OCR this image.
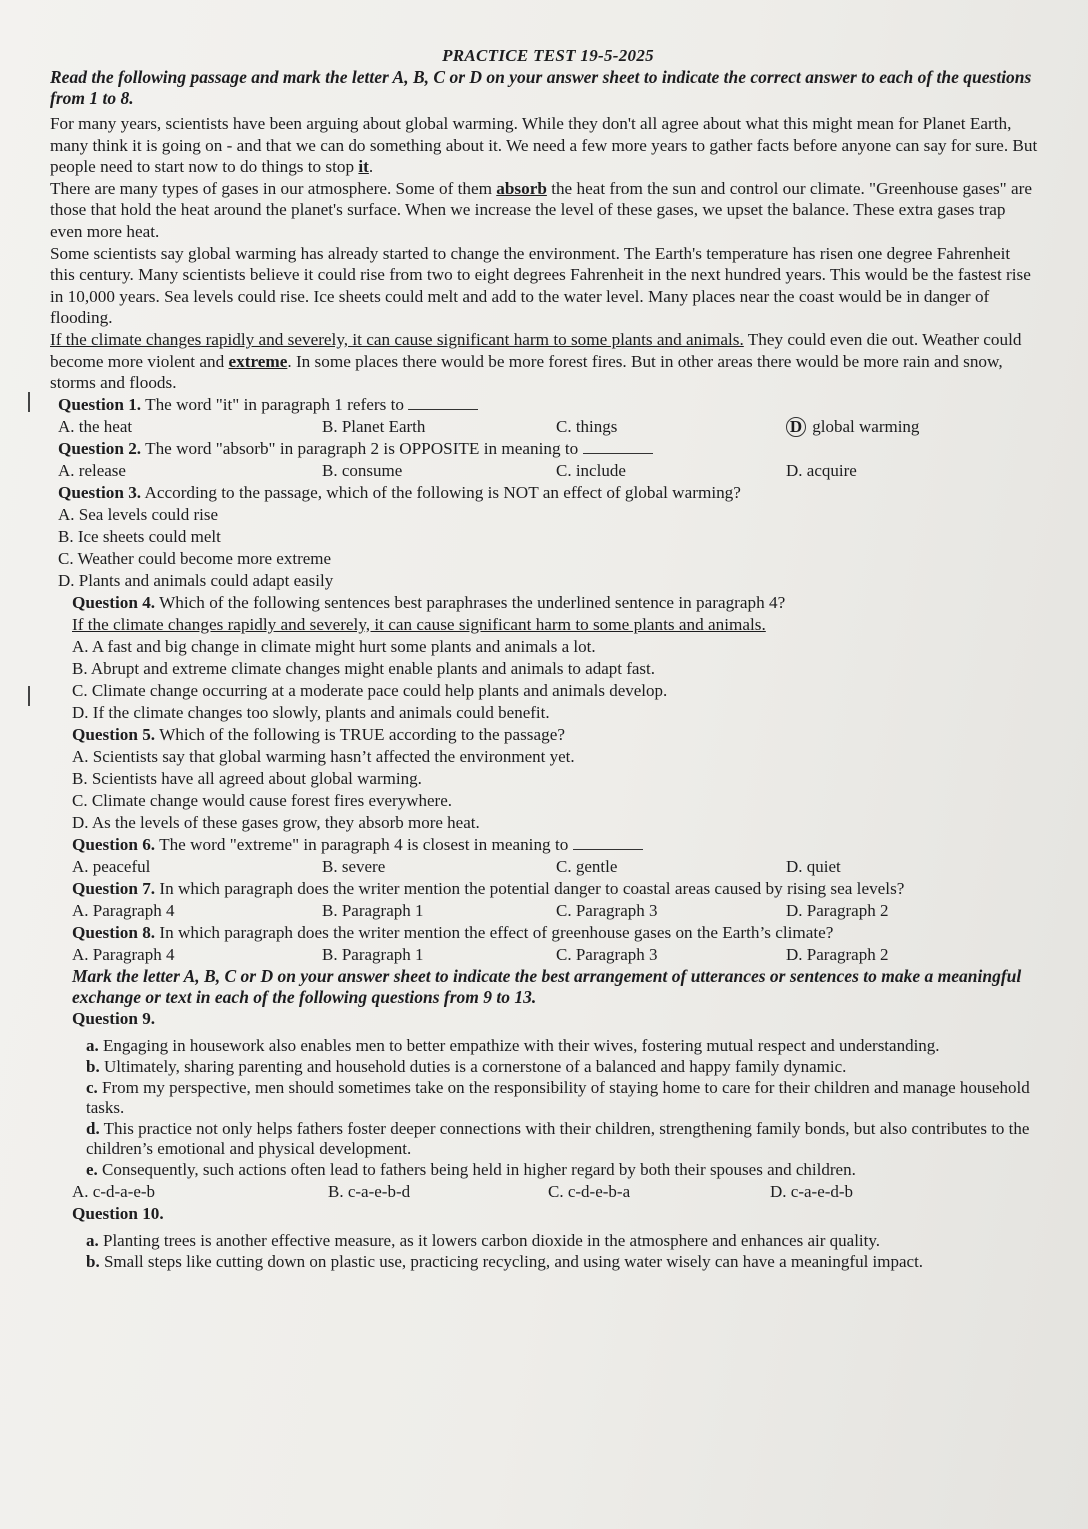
PRACTICE TEST 19-5-2025

Read the following passage and mark the letter A, B, C or D on your answer sheet to indicate the correct answer to each of the questions from 1 to 8.

For many years, scientists have been arguing about global warming. While they don't all agree about what this might mean for Planet Earth, many think it is going on - and that we can do something about it. We need a few more years to gather facts before anyone can say for sure. But people need to start now to do things to stop it.

There are many types of gases in our atmosphere. Some of them absorb the heat from the sun and control our climate. "Greenhouse gases" are those that hold the heat around the planet's surface. When we increase the level of these gases, we upset the balance. These extra gases trap even more heat.

Some scientists say global warming has already started to change the environment. The Earth's temperature has risen one degree Fahrenheit this century. Many scientists believe it could rise from two to eight degrees Fahrenheit in the next hundred years. This would be the fastest rise in 10,000 years. Sea levels could rise. Ice sheets could melt and add to the water level. Many places near the coast would be in danger of flooding.

If the climate changes rapidly and severely, it can cause significant harm to some plants and animals. They could even die out. Weather could become more violent and extreme. In some places there would be more forest fires. But in other areas there would be more rain and snow, storms and floods.

Question 1. The word "it" in paragraph 1 refers to

A. the heat	B. Planet Earth	C. things	D global warming

Question 2. The word "absorb" in paragraph 2 is OPPOSITE in meaning to

A. release	B. consume	C. include	D. acquire

Question 3. According to the passage, which of the following is NOT an effect of global warming?

A. Sea levels could rise

B. Ice sheets could melt

C. Weather could become more extreme

D. Plants and animals could adapt easily

Question 4. Which of the following sentences best paraphrases the underlined sentence in paragraph 4?

If the climate changes rapidly and severely, it can cause significant harm to some plants and animals.

A. A fast and big change in climate might hurt some plants and animals a lot.

B. Abrupt and extreme climate changes might enable plants and animals to adapt fast.

C. Climate change occurring at a moderate pace could help plants and animals develop.

D. If the climate changes too slowly, plants and animals could benefit.

Question 5. Which of the following is TRUE according to the passage?

A. Scientists say that global warming hasn’t affected the environment yet.

B. Scientists have all agreed about global warming.

C. Climate change would cause forest fires everywhere.

D. As the levels of these gases grow, they absorb more heat.

Question 6. The word "extreme" in paragraph 4 is closest in meaning to

A. peaceful	B. severe	C. gentle	D. quiet

Question 7. In which paragraph does the writer mention the potential danger to coastal areas caused by rising sea levels?

A. Paragraph 4	B. Paragraph 1	C. Paragraph 3	D. Paragraph 2

Question 8. In which paragraph does the writer mention the effect of greenhouse gases on the Earth’s climate?

A. Paragraph 4	B. Paragraph 1	C. Paragraph 3	D. Paragraph 2

Mark the letter A, B, C or D on your answer sheet to indicate the best arrangement of utterances or sentences to make a meaningful exchange or text in each of the following questions from 9 to 13.

Question 9.

a. Engaging in housework also enables men to better empathize with their wives, fostering mutual respect and understanding.

b. Ultimately, sharing parenting and household duties is a cornerstone of a balanced and happy family dynamic.

c. From my perspective, men should sometimes take on the responsibility of staying home to care for their children and manage household tasks.

d. This practice not only helps fathers foster deeper connections with their children, strengthening family bonds, but also contributes to the children’s emotional and physical development.

e. Consequently, such actions often lead to fathers being held in higher regard by both their spouses and children.

A. c-d-a-e-b	B. c-a-e-b-d	C. c-d-e-b-a	D. c-a-e-d-b

Question 10.

a. Planting trees is another effective measure, as it lowers carbon dioxide in the atmosphere and enhances air quality.

b. Small steps like cutting down on plastic use, practicing recycling, and using water wisely can have a meaningful impact.
